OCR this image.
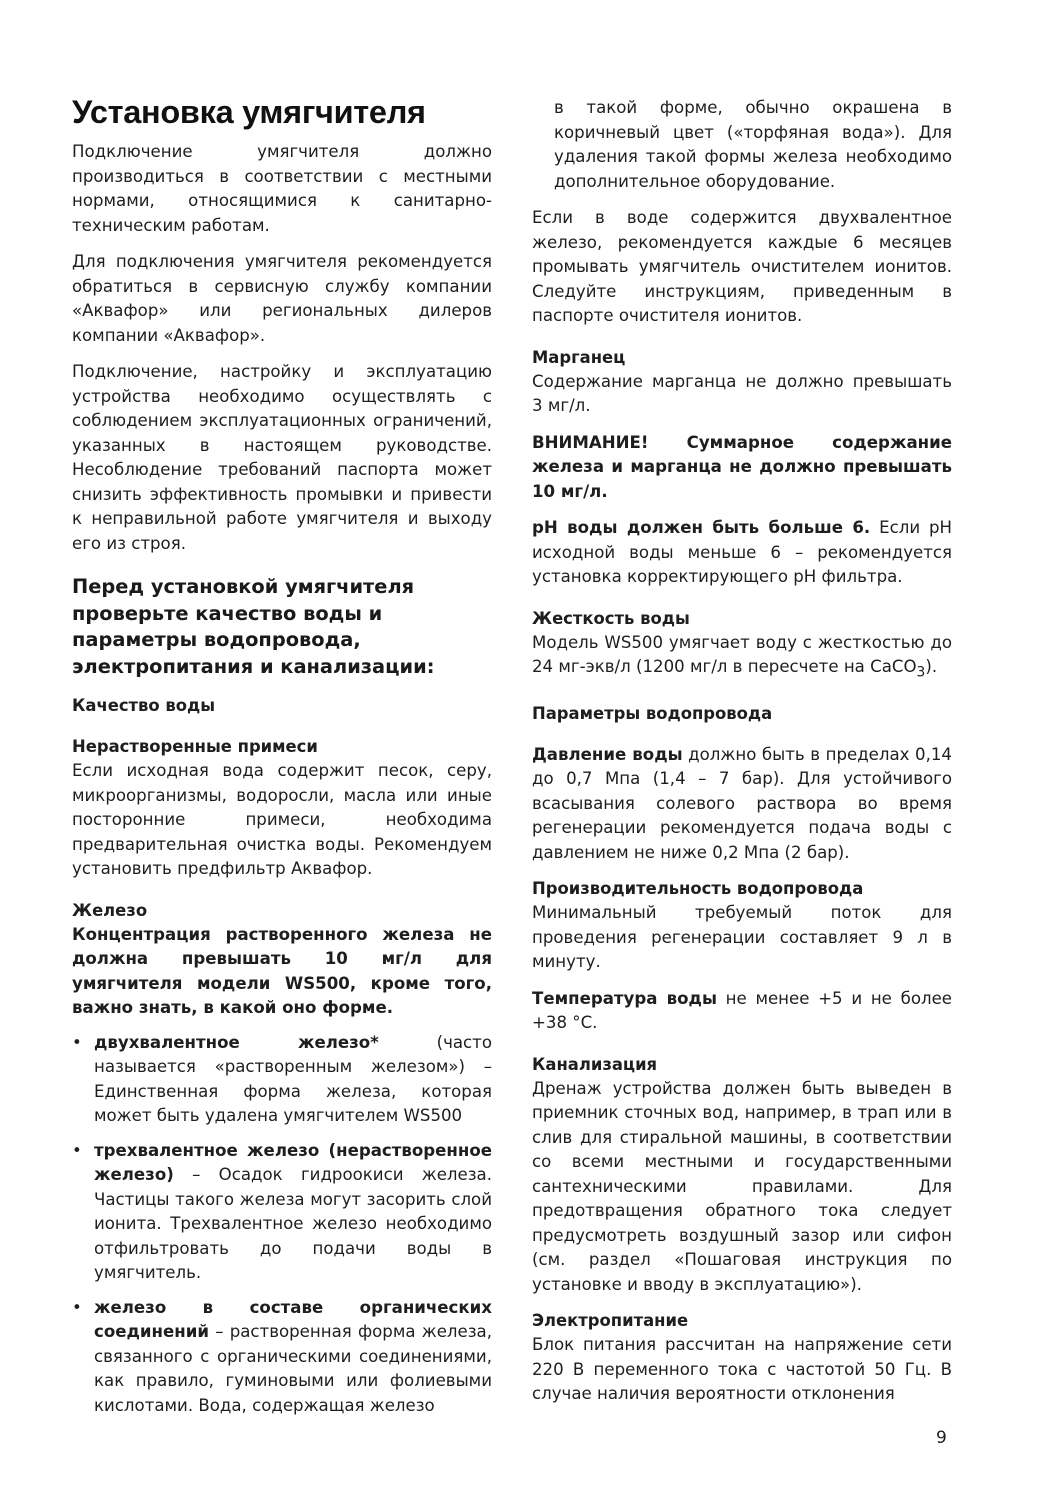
Установка умягчителя

Подключение умягчителя должно производиться в соответствии с местными нормами, относящимися к санитарно-техническим работам.

Для подключения умягчителя рекомендуется обратиться в сервисную службу компании «Аквафор» или региональных дилеров компании «Аквафор».

Подключение, настройку и эксплуатацию устройства необходимо осуществлять с соблюдением эксплуатационных ограничений, указанных в настоящем руководстве. Несоблюдение требований паспорта может снизить эффективность промывки и привести к неправильной работе умягчителя и выходу его из строя.

Перед установкой умягчителя проверьте качество воды и параметры водопровода, электропитания и канализации:
Качество воды
Нерастворенные примеси

Если исходная вода содержит песок, серу, микроорганизмы, водоросли, масла или иные посторонние примеси, необходима предварительная очистка воды. Рекомендуем установить предфильтр Аквафор.

Железо

Концентрация растворенного железа не должна превышать 10 мг/л для умягчителя модели WS500, кроме того, важно знать, в какой оно форме.

• двухвалентное железо* (часто называется «растворенным железом») – Единственная форма железа, которая может быть удалена умягчителем WS500
• трехвалентное железо (нерастворенное железо) – Осадок гидроокиси железа. Частицы такого железа могут засорить слой ионита. Трехвалентное железо необходимо отфильтровать до подачи воды в умягчитель.
• железо в составе органических соединений – растворенная форма железа, связанного с органическими соединениями, как правило, гуминовыми или фолиевыми кислотами. Вода, содержащая железо

в такой форме, обычно окрашена в коричневый цвет («торфяная вода»). Для удаления такой формы железа необходимо дополнительное оборудование.

Если в воде содержится двухвалентное железо, рекомендуется каждые 6 месяцев промывать умягчитель очистителем ионитов. Следуйте инструкциям, приведенным в паспорте очистителя ионитов.

Марганец

Содержание марганца не должно превышать 3 мг/л.

ВНИМАНИЕ! Суммарное содержание железа и марганца не должно превышать 10 мг/л.

pH воды должен быть больше 6. Если pH исходной воды меньше 6 – рекомендуется установка корректирующего pH фильтра.

Жесткость воды

Модель WS500 умягчает воду с жесткостью до 24 мг-экв/л (1200 мг/л в пересчете на CaCO$_3$).

Параметры водопровода

Давление воды должно быть в пределах 0,14 до 0,7 Мпа (1,4 – 7 бар). Для устойчивого всасывания солевого раствора во время регенерации рекомендуется подача воды с давлением не ниже 0,2 Мпа (2 бар).

Производительность водопровода

Минимальный требуемый поток для проведения регенерации составляет 9 л в минуту.

Температура воды не менее +5 и не более +38 °С.

Канализация

Дренаж устройства должен быть выведен в приемник сточных вод, например, в трап или в слив для стиральной машины, в соответствии со всеми местными и государственными сантехническими правилами. Для предотвращения обратного тока следует предусмотреть воздушный зазор или сифон (см. раздел «Пошаговая инструкция по установке и вводу в эксплуатацию»).

Электропитание

Блок питания рассчитан на напряжение сети 220 В переменного тока с частотой 50 Гц. В случае наличия вероятности отклонения

9
